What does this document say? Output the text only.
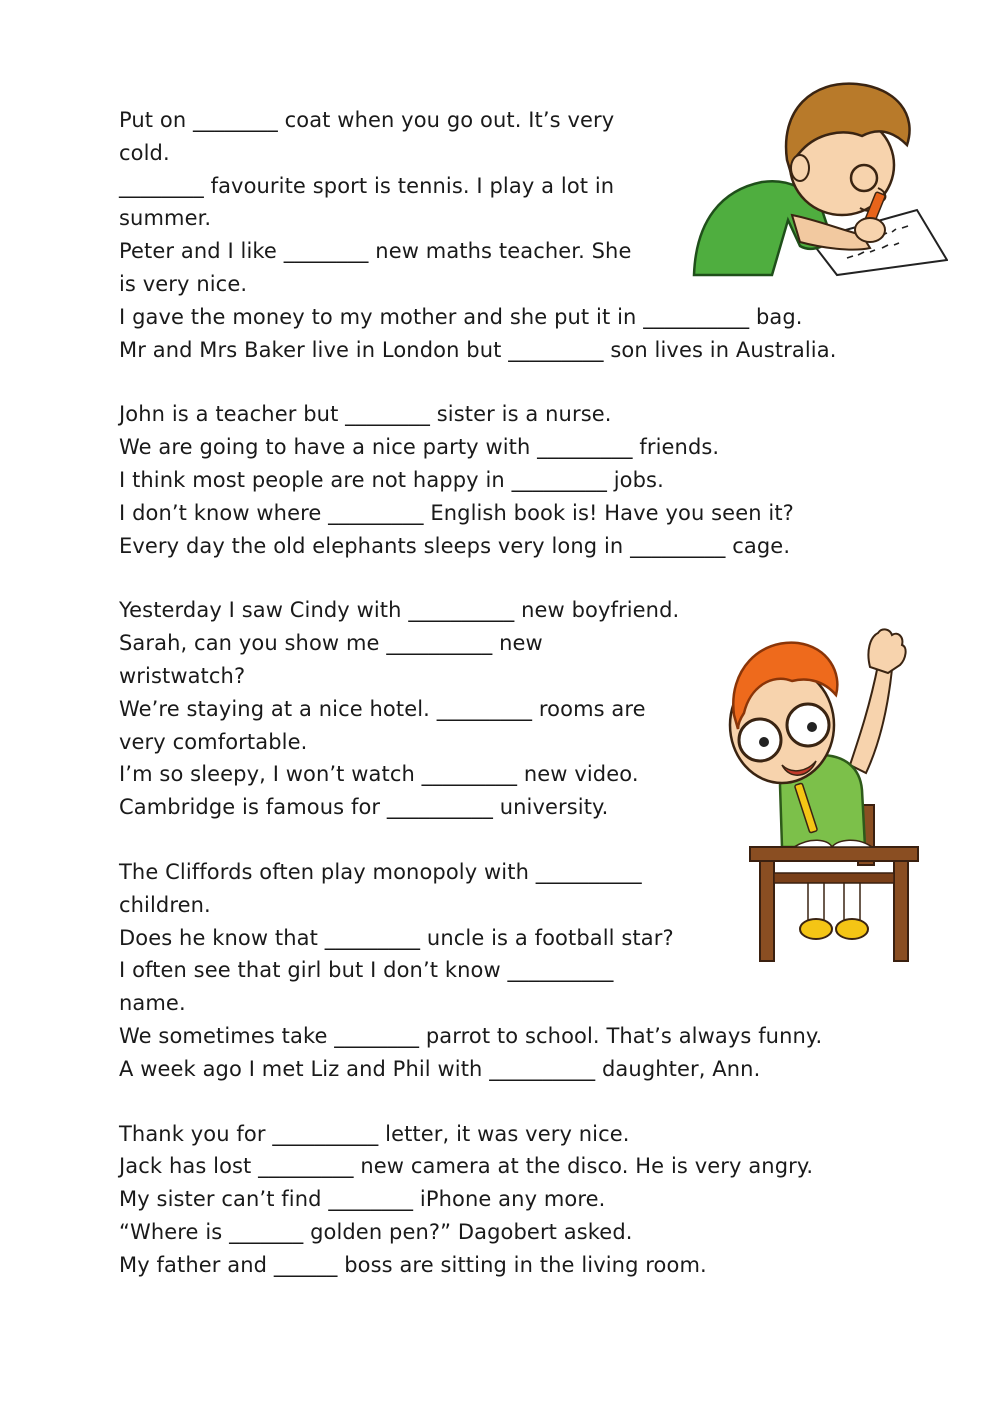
Put on ________ coat when you go out. It’s very
cold.
________ favourite sport is tennis. I play a lot in
summer.
Peter and I like ________ new maths teacher. She
is very nice.
I gave the money to my mother and she put it in __________ bag.
Mr and Mrs Baker live in London but _________ son lives in Australia.
John is a teacher but ________ sister is a nurse.
We are going to have a nice party with _________ friends.
I think most people are not happy in _________ jobs.
I don’t know where _________ English book is! Have you seen it?
Every day the old elephants sleeps very long in _________ cage.
Yesterday I saw Cindy with __________ new boyfriend.
Sarah, can you show me __________ new
wristwatch?
We’re staying at a nice hotel. _________ rooms are
very comfortable.
I’m so sleepy, I won’t watch _________ new video.
Cambridge is famous for __________ university.
The Cliffords often play monopoly with __________
children.
Does he know that _________ uncle is a football star?
I often see that girl but I don’t know __________
name.
We sometimes take ________ parrot to school. That’s always funny.
A week ago I met Liz and Phil with __________ daughter, Ann.
Thank you for __________ letter, it was very nice.
Jack has lost _________ new camera at the disco. He is very angry.
My sister can’t find ________ iPhone any more.
“Where is _______ golden pen?” Dagobert asked.
My father and ______ boss are sitting in the living room.
